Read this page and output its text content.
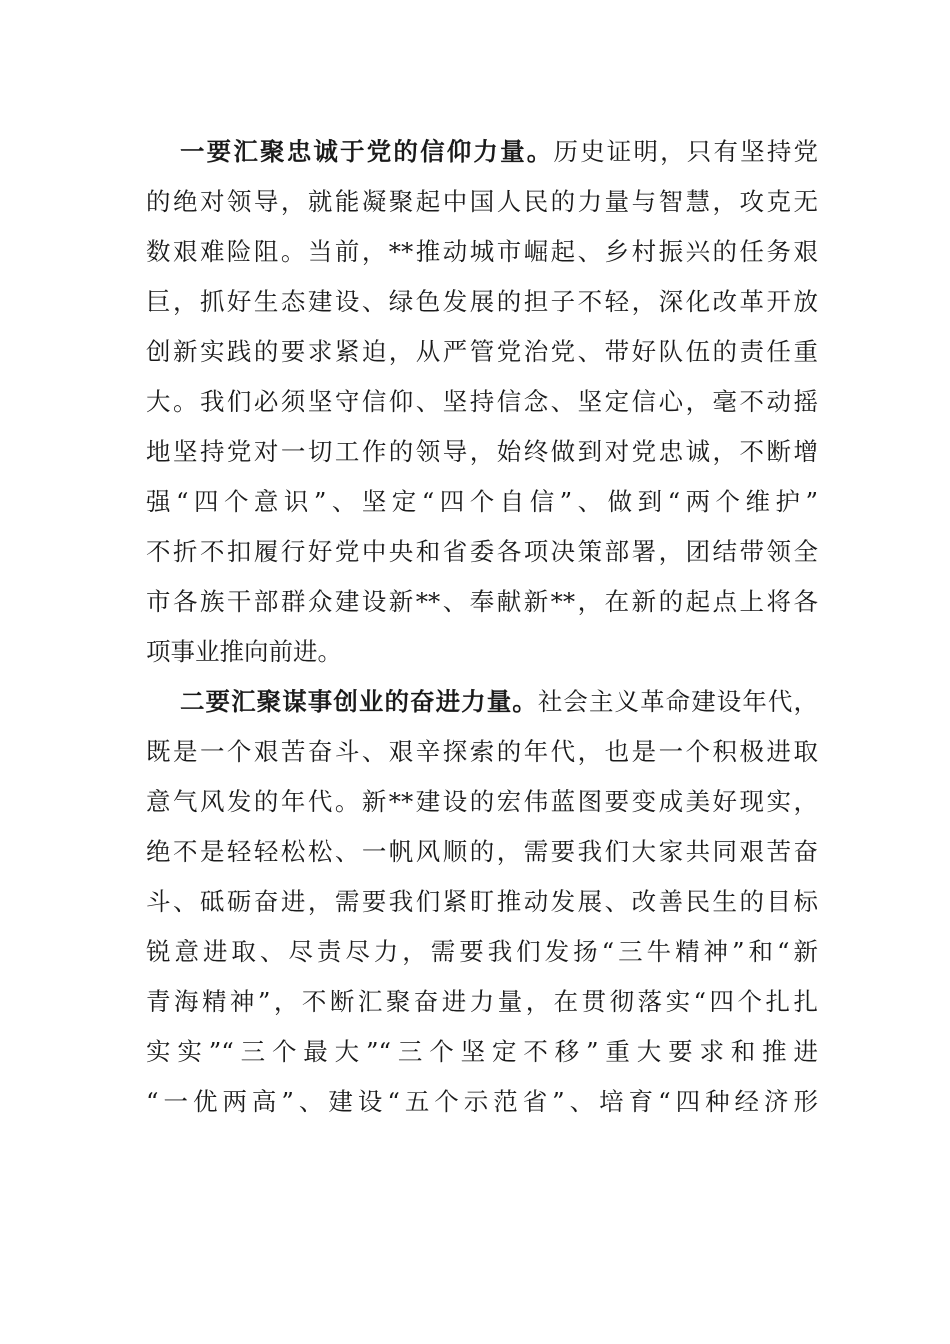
一要汇聚忠诚于党的信仰力量。历史证明，只有坚持党
的绝对领导，就能凝聚起中国人民的力量与智慧，攻克无
数艰难险阻。当前，**推动城市崛起、乡村振兴的任务艰
巨，抓好生态建设、绿色发展的担子不轻，深化改革开放
创新实践的要求紧迫，从严管党治党、带好队伍的责任重
大。我们必须坚守信仰、坚持信念、坚定信心，毫不动摇
地坚持党对一切工作的领导，始终做到对党忠诚，不断增
强“四个意识”、坚定“四个自信”、做到“两个维护”
不折不扣履行好党中央和省委各项决策部署，团结带领全
市各族干部群众建设新**、奉献新**，在新的起点上将各
项事业推向前进。
二要汇聚谋事创业的奋进力量。社会主义革命建设年代，
既是一个艰苦奋斗、艰辛探索的年代，也是一个积极进取
意气风发的年代。新**建设的宏伟蓝图要变成美好现实，
绝不是轻轻松松、一帆风顺的，需要我们大家共同艰苦奋
斗、砥砺奋进，需要我们紧盯推动发展、改善民生的目标
锐意进取、尽责尽力，需要我们发扬“三牛精神”和“新
青海精神”，不断汇聚奋进力量，在贯彻落实“四个扎扎
实实”“三个最大”“三个坚定不移”重大要求和推进
“一优两高”、建设“五个示范省”、培育“四种经济形
